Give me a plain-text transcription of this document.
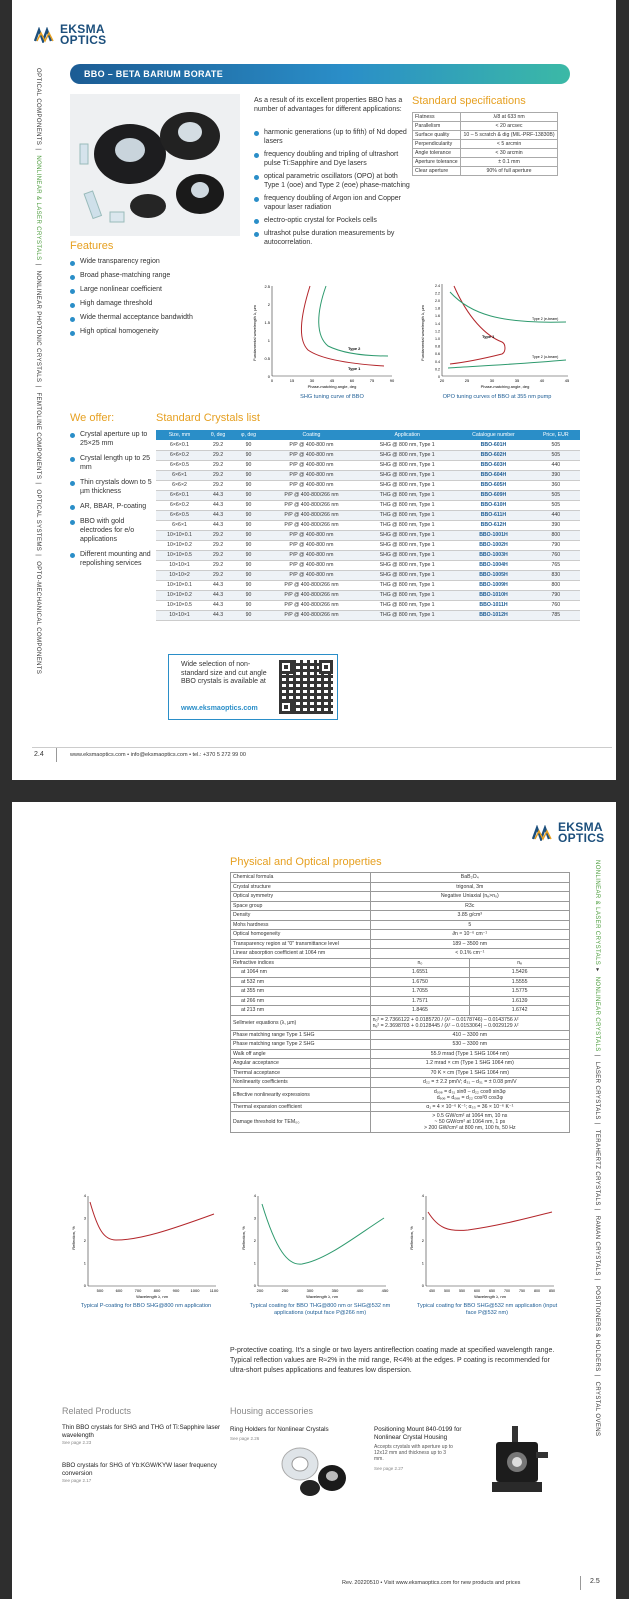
EKSMA
OPTICS
OPTICAL COMPONENTS| NONLINEAR & LASER CRYSTALS| NONLINEAR PHOTONIC CRYSTALS| FEMTOLINE COMPONENTS| OPTICAL SYSTEMS| OPTO-MECHANICAL COMPONENTS
BBO – BETA BARIUM BORATE
As a result of its excellent properties BBO has a number of advantages for different applications:
harmonic generations (up to fifth) of Nd doped lasers
frequency doubling and tripling of ultrashort pulse Ti:Sapphire and Dye lasers
optical parametric oscillators (OPO) at both Type 1 (ooe) and Type 2 (eoe) phase-matching
frequency doubling of Argon ion and Copper vapour laser radiation
electro-optic crystal for Pockels cells
ultrashot pulse duration measurements by autocorrelation.
Standard specifications
Flatness	λ/8 at 633 nm
Parallelism	< 20 arcsec
Surface quality	10 – 5 scratch & dig (MIL-PRF-13830B)
Perpendicularity	< 5 arcmin
Angle tolerance	< 30 arcmin
Aperture tolerance	± 0.1 mm
Clear aperture	90% of full aperture
Features
Wide transparency region
Broad phase-matching range
Large nonlinear coefficient
High damage threshold
Wide thermal acceptance bandwidth
High optical homogeneity	Fundamental wavelength λ, µm
0
0.5
1
1.5
2
2.5
0	15	30	45	60	75	90
Phase-matching angle, deg
Type 2
Type 1
SHG tuning curve of BBO
Fundamental wavelength λ, µm
0
0.2
0.4
0.6
0.8
1.0
1.2
1.4
1.6
1.8
2.0
2.2
2.4
20	25	30	35	40	45
Phase-matching angle, deg
Type 1
Type 2 (e-beam)
Type 2 (o-beam)
OPO tuning curves of BBO at 355 nm pump
We offer:
Crystal aperture up to 25×25 mm
Crystal length up to 25 mm
Thin crystals down to 5 µm thickness
AR, BBAR, P-coating
BBO with gold electrodes for e/o applications
Different mounting and repolishing services
Standard Crystals list
Size, mm	θ, deg	φ, deg	Coating	Application	Catalogue number	Price, EUR
6×6×0.1	29.2	90	P/P @ 400-800 nm	SHG @ 800 nm, Type 1	BBO-601H	505
6×6×0.2	29.2	90	P/P @ 400-800 nm	SHG @ 800 nm, Type 1	BBO-602H	505
6×6×0.5	29.2	90	P/P @ 400-800 nm	SHG @ 800 nm, Type 1	BBO-603H	440
6×6×1	29.2	90	P/P @ 400-800 nm	SHG @ 800 nm, Type 1	BBO-604H	390
6×6×2	29.2	90	P/P @ 400-800 nm	SHG @ 800 nm, Type 1	BBO-605H	360
6×6×0.1	44.3	90	P/P @ 400-800/266 nm	THG @ 800 nm, Type 1	BBO-609H	505
6×6×0.2	44.3	90	P/P @ 400-800/266 nm	THG @ 800 nm, Type 1	BBO-610H	505
6×6×0.5	44.3	90	P/P @ 400-800/266 nm	THG @ 800 nm, Type 1	BBO-611H	440
6×6×1	44.3	90	P/P @ 400-800/266 nm	THG @ 800 nm, Type 1	BBO-612H	390
10×10×0.1	29.2	90	P/P @ 400-800 nm	SHG @ 800 nm, Type 1	BBO-1001H	800
10×10×0.2	29.2	90	P/P @ 400-800 nm	SHG @ 800 nm, Type 1	BBO-1002H	790
10×10×0.5	29.2	90	P/P @ 400-800 nm	SHG @ 800 nm, Type 1	BBO-1003H	760
10×10×1	29.2	90	P/P @ 400-800 nm	SHG @ 800 nm, Type 1	BBO-1004H	765
10×10×2	29.2	90	P/P @ 400-800 nm	SHG @ 800 nm, Type 1	BBO-1005H	830
10×10×0.1	44.3	90	P/P @ 400-800/266 nm	THG @ 800 nm, Type 1	BBO-1009H	800
10×10×0.2	44.3	90	P/P @ 400-800/266 nm	THG @ 800 nm, Type 1	BBO-1010H	790
10×10×0.5	44.3	90	P/P @ 400-800/266 nm	THG @ 800 nm, Type 1	BBO-1011H	760
10×10×1	44.3	90	P/P @ 400-800/266 nm	THG @ 800 nm, Type 1	BBO-1012H	785
Wide selection of non-standard size and cut angle BBO crystals is available at
www.eksmaoptics.com
2.4	www.eksmaoptics.com • info@eksmaoptics.com • tel.: +370 5 272 99 00
EKSMA
OPTICS
NONLINEAR & LASER CRYSTALS▸ NONLINEAR CRYSTALS| LASER CRYSTALS| TERAHERTZ CRYSTALS| RAMAN CRYSTALS| POSITIONERS & HOLDERS| CRYSTAL OVENS
Physical and Optical properties
Chemical formula	BaB₂O₄	
Crystal structure	trigonal, 3m	
Optical symmetry	Negative Uniaxial (nₑ>nₒ)	
Space group	R3c	
Density	3.85 g/cm³	
Mohs hardness	5	
Optical homogeneity	∂n ≈ 10⁻⁶ cm⁻¹	
Transparency region at "0" transmittance level	189 – 3500 nm	
Linear absorption coefficient at 1064 nm	< 0.1% cm⁻¹	
Refractive indices	nₒ	nₑ
at 1064 nm	1.6551	1.5426
at 532 nm	1.6750	1.5555
at 355 nm	1.7055	1.5775
at 266 nm	1.7571	1.6139
at 213 nm	1.8465	1.6742
Sellmeier equations (λ, µm)	nₒ² = 2.7366122 + 0.0185720 / (λ² – 0.0178746) – 0.0143756 λ²
nₑ² = 2.3698703 + 0.0128445 / (λ² – 0.0153064) – 0.0029129 λ²	

Phase matching range Type 1 SHG	410 – 3300 nm	
Phase matching range Type 2 SHG	530 – 3300 nm	
Walk off angle	55.9 mrad (Type 1 SHG 1064 nm)	
Angular acceptance	1.2 mrad × cm (Type 1 SHG 1064 nm)	
Thermal acceptance	70 K × cm (Type 1 SHG 1064 nm)	
Nonlinearity coefficients	d₂₂ = ± 2.2 pm/V; d₃₁ – d₃₁ = ± 0.08 pm/V	
Effective nonlinearity expressions	dₒₒₑ = d₃₁ sinθ – d₂₂ cosθ sin3φ
dₑₒₑ = dₒₑₑ = d₂₂ cos²θ cos3φ	

Thermal expansion coefficient	α₁ = 4 × 10⁻⁶ K⁻¹; α₃₃ = 36 × 10⁻⁶ K⁻¹	
Damage threshold for TEM₀₀	> 0.5 GW/cm² at 1064 nm, 10 ns
~ 50 GW/cm² at 1064 nm, 1 ps
> 200 GW/cm² at 800 nm, 100 fs, 50 Hz	
Reflection, %
0
1
2
3
4
500	600	700	800	900	1000	1100
Wavelength λ, nm
Typical P-coating for BBO SHG@800 nm application
Reflection, %
0
1
2
3
4
200	250	300	350	400	450
Wavelength λ, nm
Typical coating for BBO THG@800 nm or SHG@532 nm applications (output face P@266 nm)
Reflection, %
0
1
2
3
4
450	500	550	600	650	700	750	800	850
Wavelength λ, nm
Typical coating for BBO SHG@532 nm application (input face P@532 nm)
P-protective coating. It's a single or two layers antireflection coating made at specified wavelength range. Typical reflection values are R≈2% in the mid range, R<4% at the edges. P coating is recommended for ultra-short pulses applications and features low dispersion.
Related Products
Thin BBO crystals for SHG and THG of Ti:Sapphire laser wavelength
See page 2.23
BBO crystals for SHG of Yb:KGW/KYW laser frequency conversion
See page 2.17
Housing accessories
Ring Holders for Nonlinear Crystals
See page 2.26
Positioning Mount 840-0199 for Nonlinear Crystal Housing
Accepts crystals with aperture up to 12x12 mm and thickness up to 3 mm.
See page 2.27
Rev. 20220510 • Visit www.eksmaoptics.com for new products and prices	2.5
